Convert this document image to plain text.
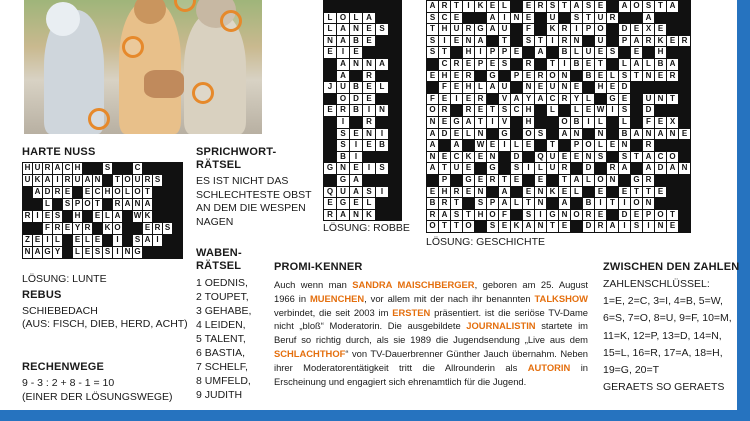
HARTE NUSS
H U R A C H	S	C
U K A I R U A N T O U R S
A D R E E C H O L O T
L S P O T R A N A
R I E S H E L A W K
F R E Y R K O	E R S
Z E I L E L E	I	S A I
N A G Y L E S S I N G
LÖSUNG: LUNTE
REBUS
SCHIEBEDACH
(AUS: FISCH, DIEB, HERD, ACHT)
RECHENWEGE
9 - 3 : 2 + 8 - 1 = 10
(EINER DER LÖSUNGSWEGE)
SPRICHWORT-
RÄTSEL
ES IST NICHT DAS
SCHLECHTESTE OBST
AN DEM DIE WESPEN
NAGEN
WABEN-
RÄTSEL
1 OEDNIS,
2 TOUPET,
3 GEHABE,
4 LEIDEN,
5 TALENT,
6 BASTIA,
7 SCHELF,
8 UMFELD,
9 JUDITH
L O L A
L A N E S
N A B E
E	I	E
A N N A
A	R
J U B E L
O D E
E R B	I	N
I	R
S E N	I
S	I	E B
B	I
G N E	I	S
G A
Q U A S	I
E G E L
R A N K
LÖSUNG: ROBBE
A R T	I	K E L	E R S T A S E	A O S T A
S C E	A I	N E	U	S T U R	A
T H U R G A U	F	K R I	P O	D E X E
S	I	E N A	T	S T	I	R N	U	P A R K E R
S T	H I	P P E	A	B L U E S	E	H
C R E P E S	R	T	I	B E T	L A L B A
E H E R	G	P E R O N	B E L S T N E R
F E H L A U	N E U N E	H E D
F E	I	E R	V A Y A C R Y L	G E	U N T
O R	R E T S C H	L	L E W I	S	D
N E G A T	I	V	H	O B I	L	L	F E X
A D E L N	G O S	A N	N	B A N A N E
A	A	W E	I	L E	T	P O L E N	R
N E C K E N	D	Q U E E N S	S T A C O
A T U E	G	S	I	L U R	D	R A	A D A N
P	G E R T E	E	T A L O N	G R
E H R E N	A	E N K E L	E	E T T E
B R T	S P A L T N	A	B I	T	I O N
R A S T H O F	S	I G N O R E	D E P O T
O T T O	S E K A N T E	D R A I	S	I	N E
LÖSUNG: GESCHICHTE
PROMI-KENNER

Auch wenn man SANDRA MAISCHBERGER, geboren am 25. August 1966 in MUENCHEN, vor allem mit der nach ihr benannten TALKSHOW verbindet, die seit 2003 im ERSTEN präsentiert. ist die seriöse TV-Dame nicht „bloß“ Moderatorin. Die ausgebildete JOURNALISTIN startete im Beruf so richtig durch, als sie 1989 die Jugendsendung „Live aus dem SCHLACHTHOF“ von TV-Dauerbrenner Günther Jauch übernahm. Neben ihrer Moderatorentätigkeit tritt die Allrounderin als AUTORIN in Erscheinung und engagiert sich ehrenamtlich für die Jugend.

ZWISCHEN DEN ZAHLEN
ZAHLENSCHLÜSSEL:
1=E, 2=C, 3=I, 4=B, 5=W,
6=S, 7=O, 8=U, 9=F, 10=M,
11=K, 12=P, 13=D, 14=N,
15=L, 16=R, 17=A, 18=H,
19=G, 20=T
GERAETS SO GERAETS
